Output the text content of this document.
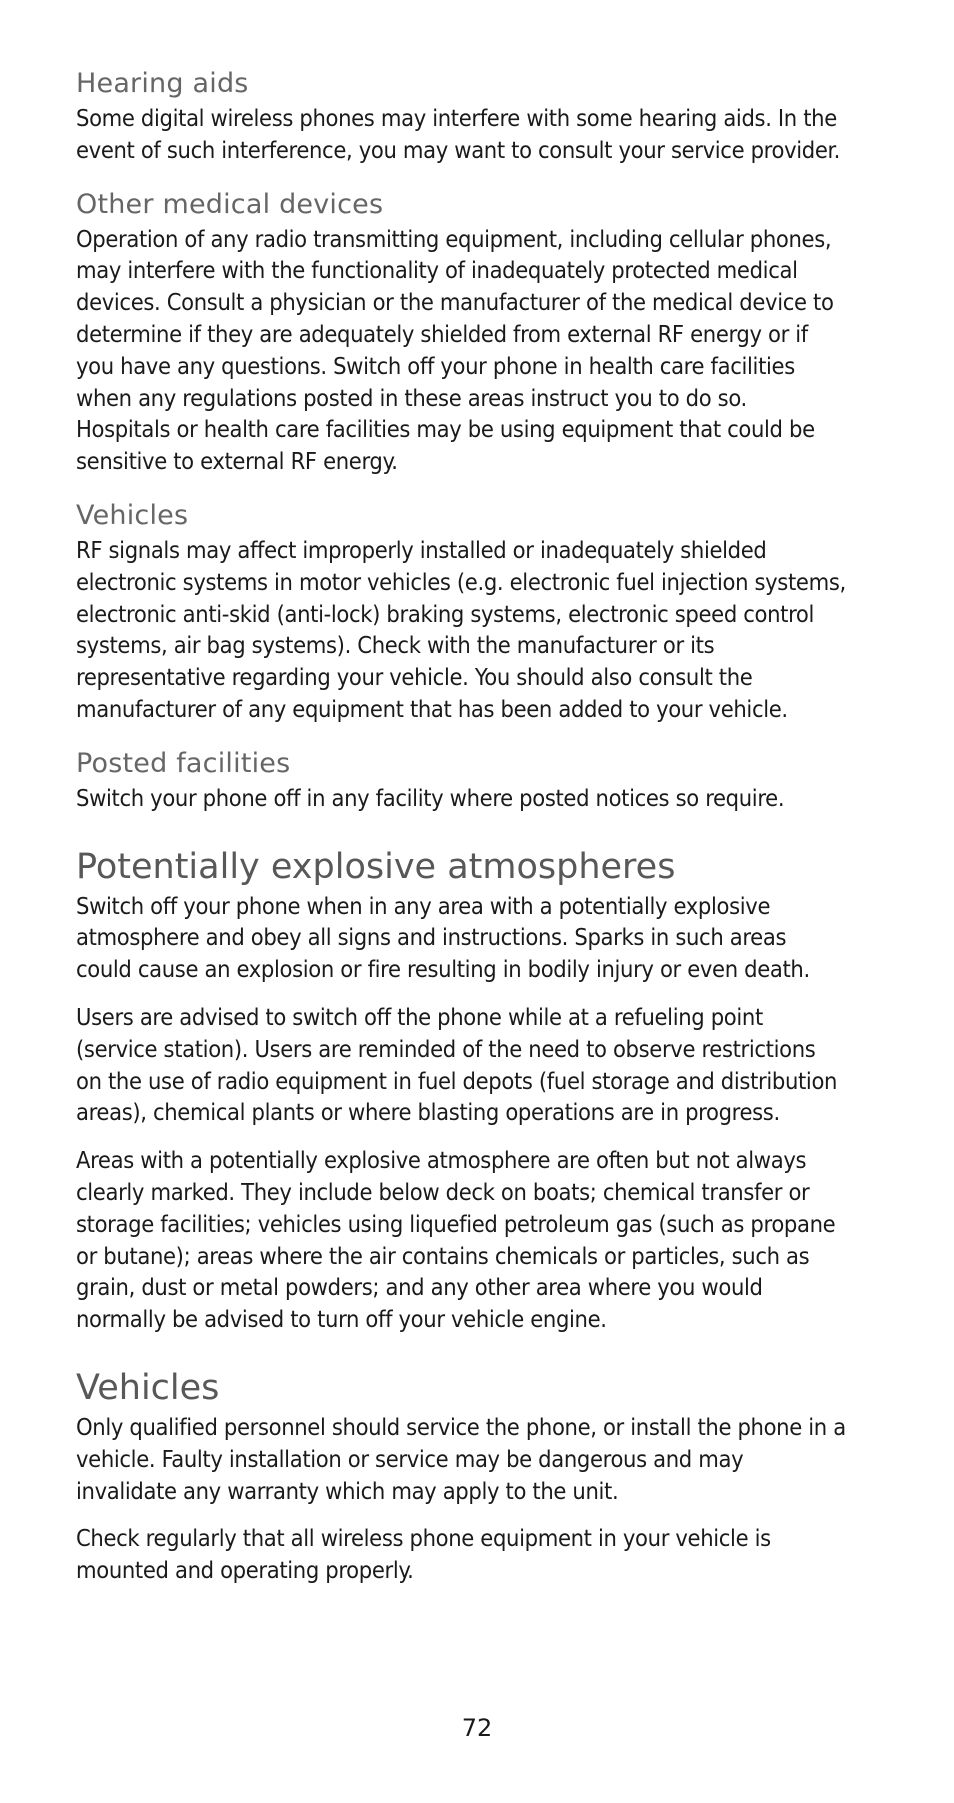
Hearing aids

Some digital wireless phones may interfere with some hearing aids. In the event of such interference, you may want to consult your service provider.

Other medical devices

Operation of any radio transmitting equipment, including cellular phones, may interfere with the functionality of inadequately protected medical devices. Consult a physician or the manufacturer of the medical device to determine if they are adequately shielded from external RF energy or if you have any questions. Switch off your phone in health care facilities when any regulations posted in these areas instruct you to do so. Hospitals or health care facilities may be using equipment that could be sensitive to external RF energy.

Vehicles

RF signals may affect improperly installed or inadequately shielded electronic systems in motor vehicles (e.g. electronic fuel injection systems, electronic anti-skid (anti-lock) braking systems, electronic speed control systems, air bag systems). Check with the manufacturer or its representative regarding your vehicle. You should also consult the manufacturer of any equipment that has been added to your vehicle.

Posted facilities

Switch your phone off in any facility where posted notices so require.

Potentially explosive atmospheres

Switch off your phone when in any area with a potentially explosive atmosphere and obey all signs and instructions. Sparks in such areas could cause an explosion or fire resulting in bodily injury or even death.

Users are advised to switch off the phone while at a refueling point (service station). Users are reminded of the need to observe restrictions on the use of radio equipment in fuel depots (fuel storage and distribution areas), chemical plants or where blasting operations are in progress.

Areas with a potentially explosive atmosphere are often but not always clearly marked. They include below deck on boats; chemical transfer or storage facilities; vehicles using liquefied petroleum gas (such as propane or butane); areas where the air contains chemicals or particles, such as grain, dust or metal powders; and any other area where you would normally be advised to turn off your vehicle engine.

Vehicles

Only qualified personnel should service the phone, or install the phone in a vehicle. Faulty installation or service may be dangerous and may invalidate any warranty which may apply to the unit.

Check regularly that all wireless phone equipment in your vehicle is mounted and operating properly.

72
